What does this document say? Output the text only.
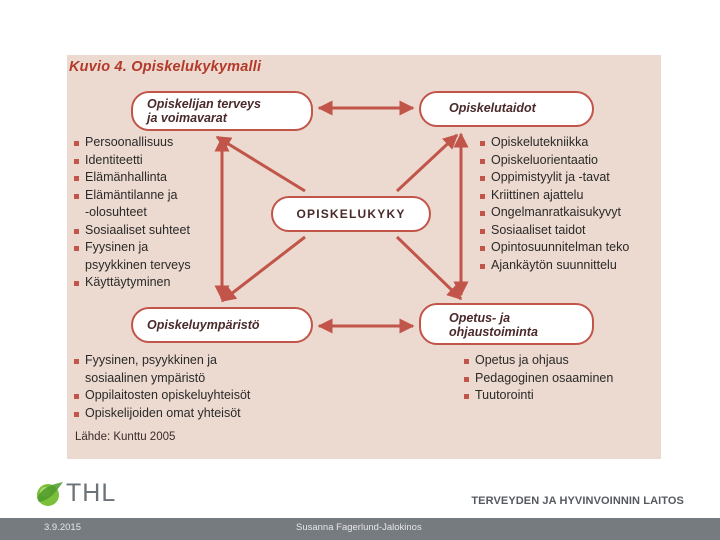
Kuvio 4. Opiskelukykymalli
Opiskelijan terveys
ja voimavarat
Opiskelutaidot
OPISKELUKYKY
Opiskeluympäristö	Opetus- ja
ohjaustoiminta
Persoonallisuus
Identiteetti
Elämänhallinta
Elämäntilanne ja
-olosuhteet
Sosiaaliset suhteet
Fyysinen ja
psyykkinen terveys
Käyttäytyminen
Opiskelutekniikka
Opiskeluorientaatio
Oppimistyylit ja -tavat
Kriittinen ajattelu
Ongelmanratkaisukyvyt
Sosiaaliset taidot
Opintosuunnitelman teko
Ajankäytön suunnittelu
Fyysinen, psyykkinen ja
sosiaalinen ympäristö
Oppilaitosten opiskeluyhteisöt
Opiskelijoiden omat yhteisöt
Opetus ja ohjaus
Pedagoginen osaaminen
Tuutorointi
Lähde: Kunttu 2005
THL	TERVEYDEN JA HYVINVOINNIN LAITOS
3.9.2015	Susanna Fagerlund-Jalokinos
